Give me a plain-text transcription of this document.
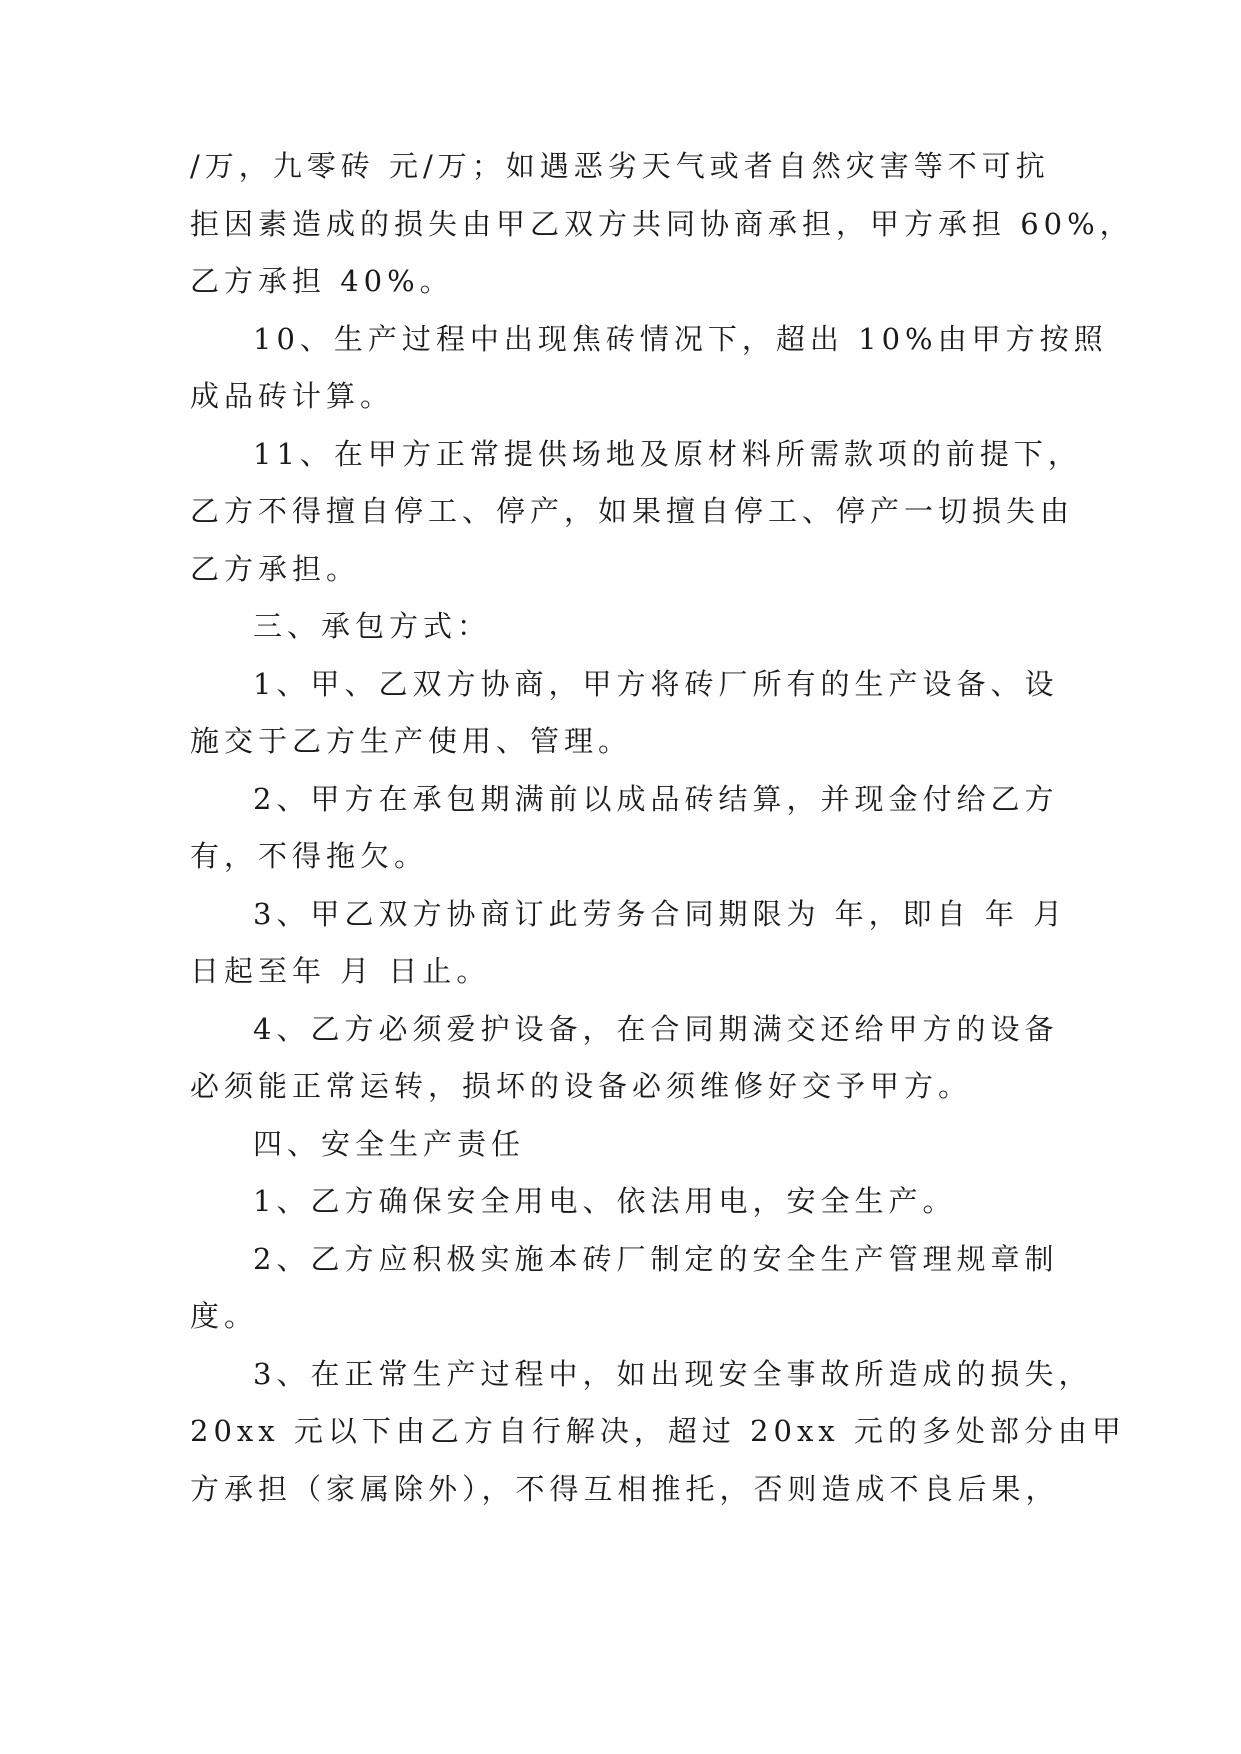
/万，九零砖 元/万；如遇恶劣天气或者自然灾害等不可抗
拒因素造成的损失由甲乙双方共同协商承担，甲方承担 60%，
乙方承担 40%。
10、生产过程中出现焦砖情况下，超出 10%由甲方按照
成品砖计算。
11、在甲方正常提供场地及原材料所需款项的前提下，
乙方不得擅自停工、停产，如果擅自停工、停产一切损失由
乙方承担。
三、承包方式：
1、甲、乙双方协商，甲方将砖厂所有的生产设备、设
施交于乙方生产使用、管理。
2、甲方在承包期满前以成品砖结算，并现金付给乙方
有，不得拖欠。
3、甲乙双方协商订此劳务合同期限为 年，即自 年 月
日起至年 月 日止。
4、乙方必须爱护设备，在合同期满交还给甲方的设备
必须能正常运转，损坏的设备必须维修好交予甲方。
四、安全生产责任
1、乙方确保安全用电、依法用电，安全生产。
2、乙方应积极实施本砖厂制定的安全生产管理规章制
度。
3、在正常生产过程中，如出现安全事故所造成的损失，
20xx 元以下由乙方自行解决，超过 20xx 元的多处部分由甲
方承担（家属除外），不得互相推托，否则造成不良后果，
